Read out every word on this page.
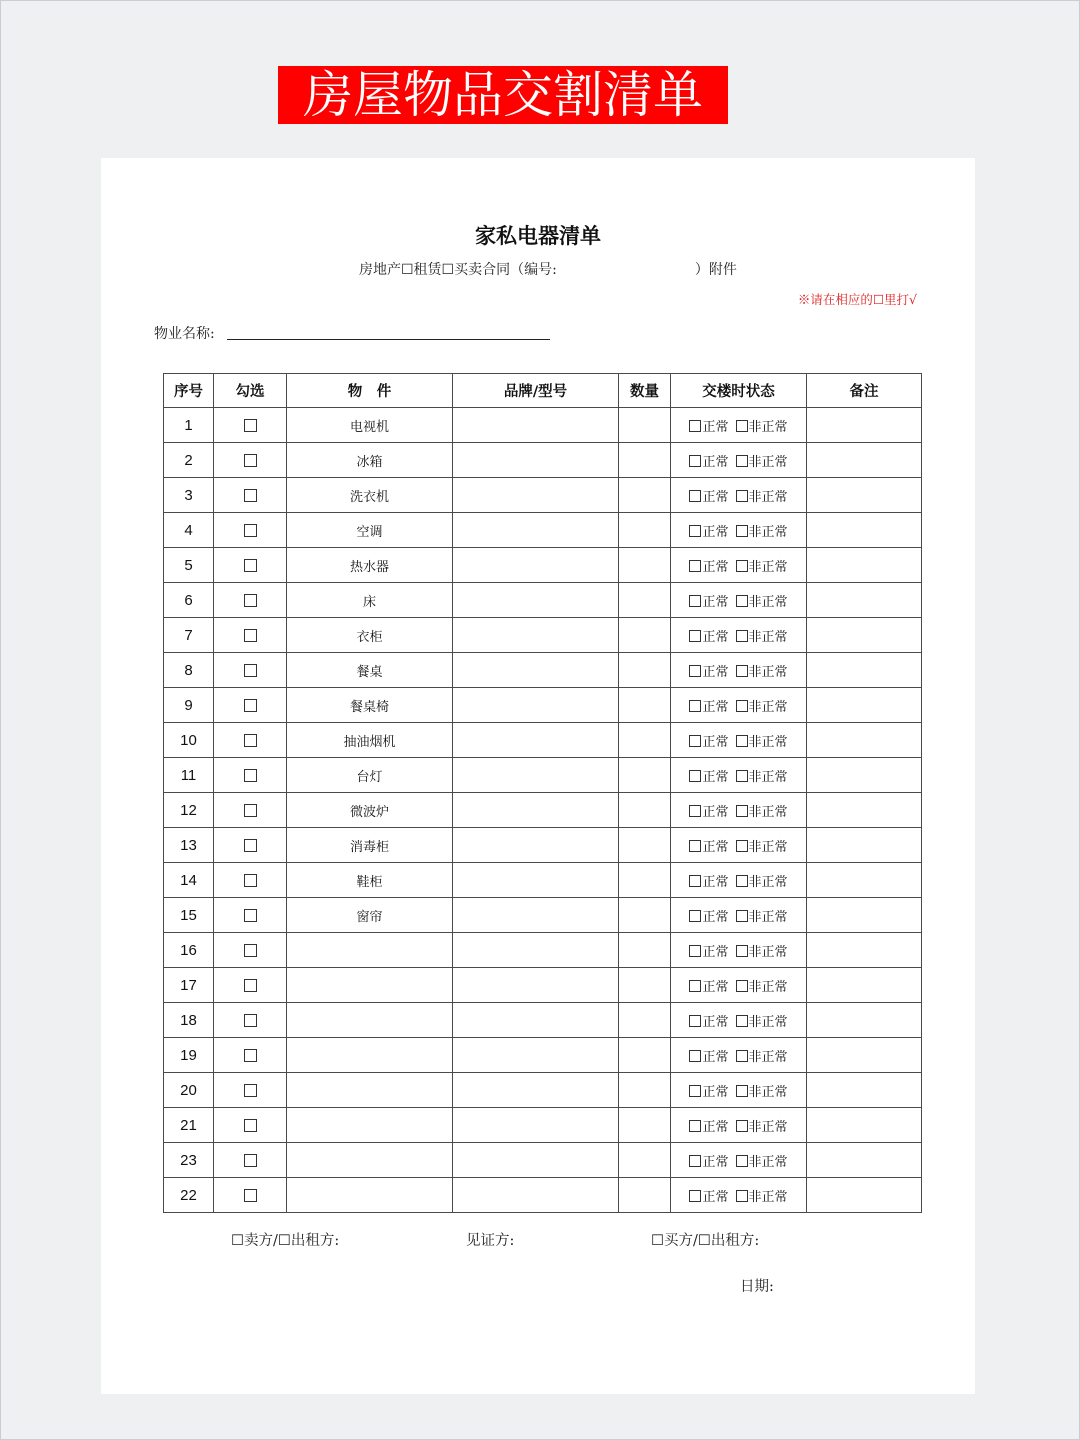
房屋物品交割清单
家私电器清单
房地产☐租赁☐买卖合同（编号:	）附件
※请在相应的☐里打√
物业名称:
序号	勾选	物　件	品牌/型号	数量	交楼时状态	备注
1		电视机			正常 非正常	
2		冰箱			正常 非正常	
3		洗衣机			正常 非正常	
4		空调			正常 非正常	
5		热水器			正常 非正常	
6		床			正常 非正常	
7		衣柜			正常 非正常	
8		餐桌			正常 非正常	
9		餐桌椅			正常 非正常	
10		抽油烟机			正常 非正常	
11		台灯			正常 非正常	
12		微波炉			正常 非正常	
13		消毒柜			正常 非正常	
14		鞋柜			正常 非正常	
15		窗帘			正常 非正常	
16					正常 非正常	
17					正常 非正常	
18					正常 非正常	
19					正常 非正常	
20					正常 非正常	
21					正常 非正常	
23					正常 非正常	
22					正常 非正常	
☐卖方/☐出租方:	见证方:	☐买方/☐出租方:
日期:
